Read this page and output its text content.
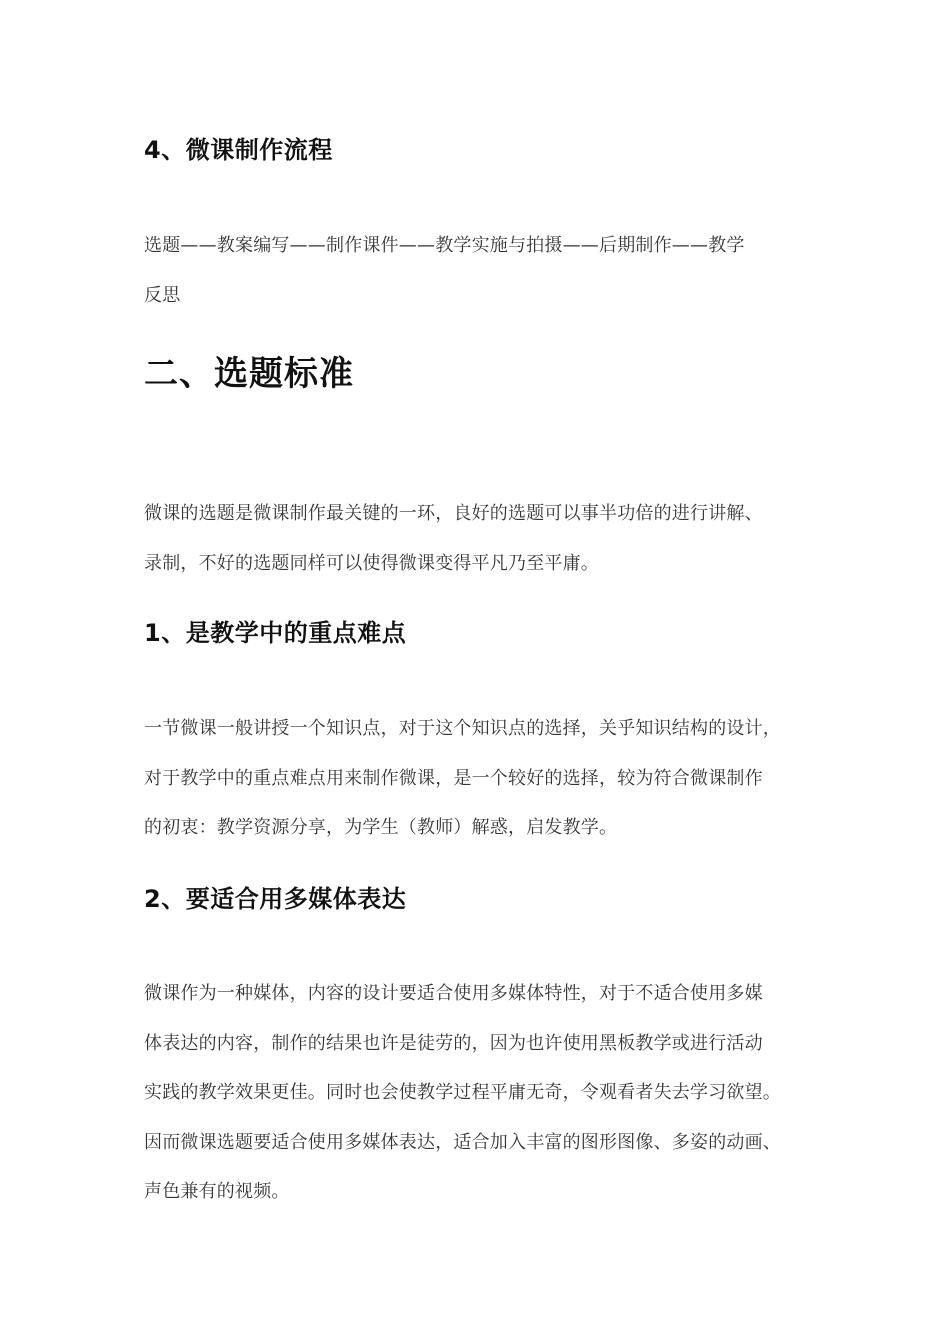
4、微课制作流程

选题——教案编写——制作课件——教学实施与拍摄——后期制作——教学
反思

二、选题标准

微课的选题是微课制作最关键的一环，良好的选题可以事半功倍的进行讲解、
录制，不好的选题同样可以使得微课变得平凡乃至平庸。

1、是教学中的重点难点

一节微课一般讲授一个知识点，对于这个知识点的选择，关乎知识结构的设计，
对于教学中的重点难点用来制作微课，是一个较好的选择，较为符合微课制作
的初衷：教学资源分享，为学生（教师）解惑，启发教学。

2、要适合用多媒体表达

微课作为一种媒体，内容的设计要适合使用多媒体特性，对于不适合使用多媒
体表达的内容，制作的结果也许是徒劳的，因为也许使用黑板教学或进行活动
实践的教学效果更佳。同时也会使教学过程平庸无奇，令观看者失去学习欲望。
因而微课选题要适合使用多媒体表达，适合加入丰富的图形图像、多姿的动画、
声色兼有的视频。
